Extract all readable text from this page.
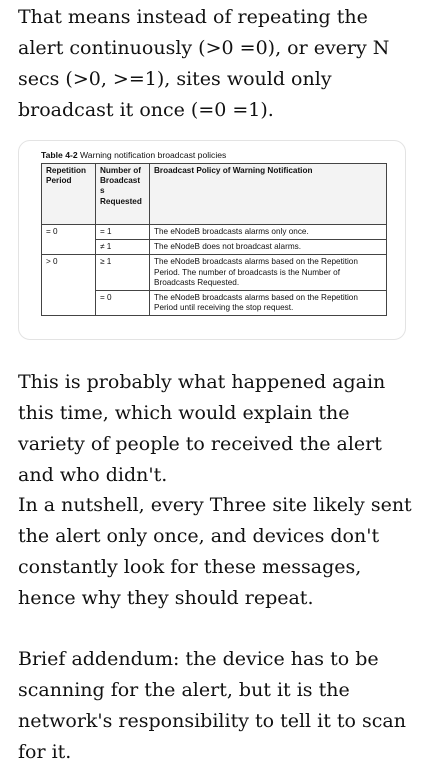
That means instead of repeating the alert continuously (>0 =0), or every N secs (>0, >=1), sites would only broadcast it once (=0 =1).

Table 4-2 Warning notification broadcast policies
Repetition Period	Number of Broadcast s Requested	Broadcast Policy of Warning Notification
= 0	= 1	The eNodeB broadcasts alarms only once.
	≠ 1	The eNodeB does not broadcast alarms.
> 0	≥ 1	The eNodeB broadcasts alarms based on the Repetition Period. The number of broadcasts is the Number of Broadcasts Requested.
	= 0	The eNodeB broadcasts alarms based on the Repetition Period until receiving the stop request.

This is probably what happened again this time, which would explain the variety of people to received the alert and who didn't.

In a nutshell, every Three site likely sent the alert only once, and devices don't constantly look for these messages, hence why they should repeat.

Brief addendum: the device has to be scanning for the alert, but it is the network's responsibility to tell it to scan for it.
